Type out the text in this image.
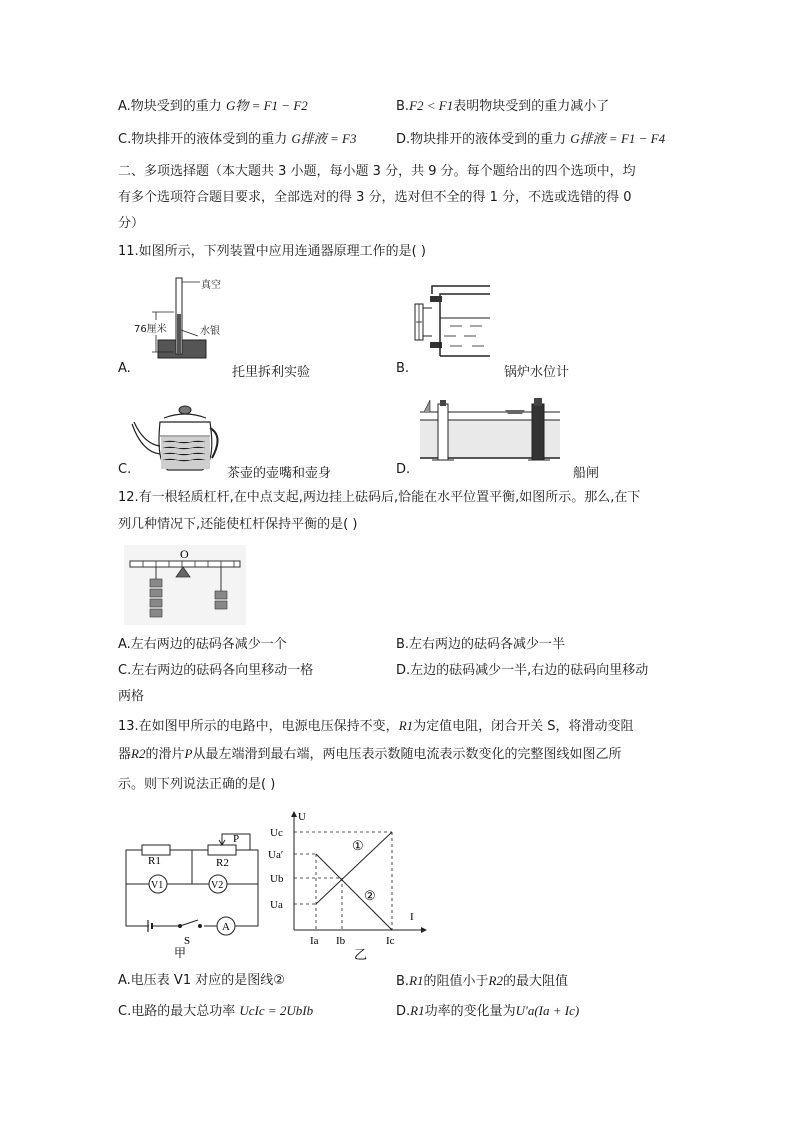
A.物块受到的重力 G物 = F1 − F2	B.F2 < F1表明物块受到的重力减小了
C.物块排开的液体受到的重力 G排液 = F3	D.物块排开的液体受到的重力 G排液 = F1 − F4
二、多项选择题（本大题共 3 小题，每小题 3 分，共 9 分。每个题给出的四个选项中，均
有多个选项符合题目要求，全部选对的得 3 分，选对但不全的得 1 分，不选或选错的得 0
分）
11.如图所示，下列装置中应用连通器原理工作的是( )
真空
76厘米	水银
A.	托里拆利实验	B.	锅炉水位计
C.	茶壶的壶嘴和壶身	D.	船闸
12.有一根轻质杠杆,在中点支起,两边挂上砝码后,恰能在水平位置平衡,如图所示。那么,在下
列几种情况下,还能使杠杆保持平衡的是( )
O
A.左右两边的砝码各减少一个	B.左右两边的砝码各减少一半
C.左右两边的砝码各向里移动一格	D.左边的砝码减少一半,右边的砝码向里移动
两格
13.在如图甲所示的电路中，电源电压保持不变，R1为定值电阻，闭合开关 S，将滑动变阻
器R2的滑片P从最左端滑到最右端，两电压表示数随电流表示数变化的完整图线如图乙所
示。则下列说法正确的是( )
R1	R2
P
V1	V2
A
S
甲
U
I
Uc
Ua′
Ub
Ua
Ia Ib	Ic
①
②
乙
A.电压表 V1 对应的是图线②	B.R1的阻值小于R2的最大阻值
C.电路的最大总功率 UcIc = 2UbIb	D.R1功率的变化量为U′a(Ia + Ic)
